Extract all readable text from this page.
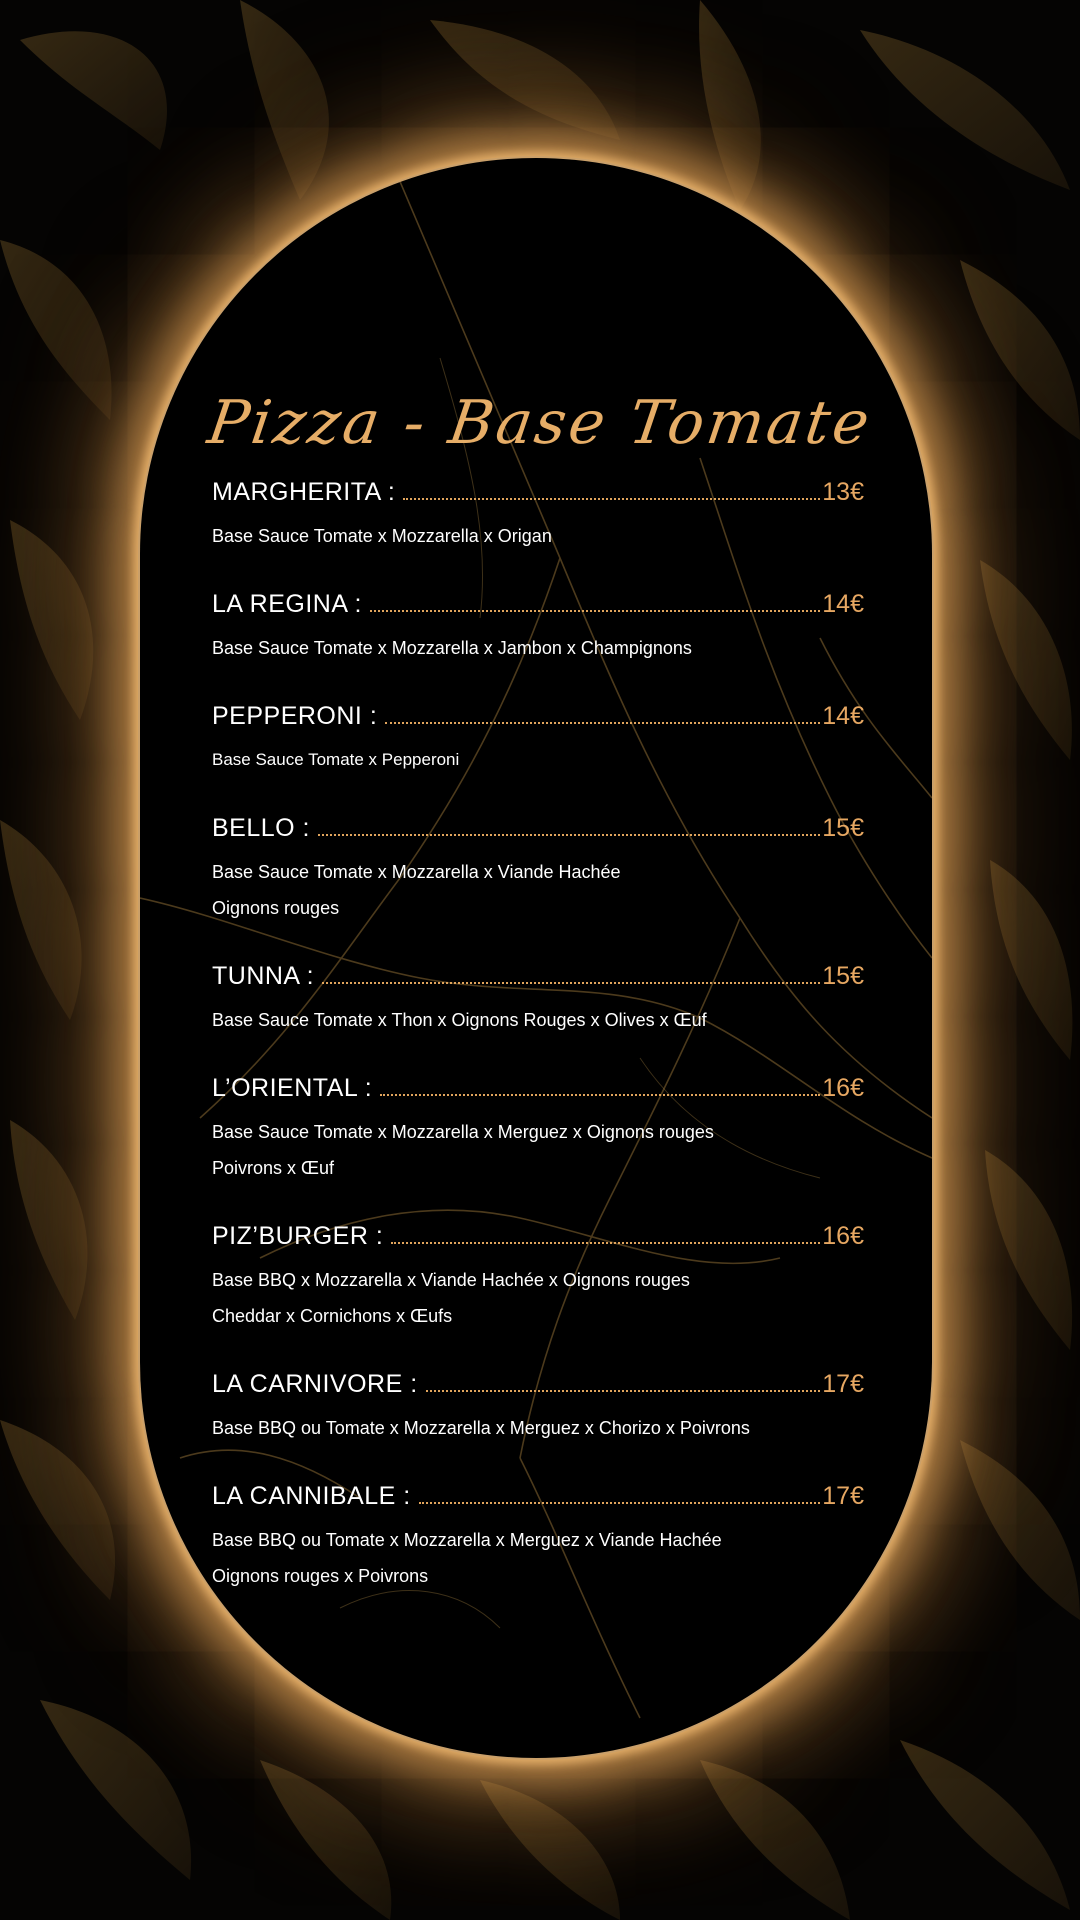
Pizza - Base Tomate
MARGHERITA :	13€
Base Sauce Tomate x Mozzarella x Origan
LA REGINA :	14€
Base Sauce Tomate x Mozzarella x Jambon x Champignons
PEPPERONI :	14€
Base Sauce Tomate x Pepperoni
BELLO :	15€
Base Sauce Tomate x Mozzarella x Viande Hachée
Oignons rouges
TUNNA :	15€
Base Sauce Tomate x Thon x Oignons Rouges x Olives x Œuf
L’ORIENTAL :	16€
Base Sauce Tomate x Mozzarella x Merguez x Oignons rouges
Poivrons x Œuf
PIZ’BURGER :	16€
Base BBQ x Mozzarella x Viande Hachée x Oignons rouges
Cheddar x Cornichons x Œufs
LA CARNIVORE :	17€
Base BBQ ou Tomate x Mozzarella x Merguez x Chorizo x Poivrons
LA CANNIBALE :	17€
Base BBQ ou Tomate x Mozzarella x Merguez x Viande Hachée
Oignons rouges x Poivrons
